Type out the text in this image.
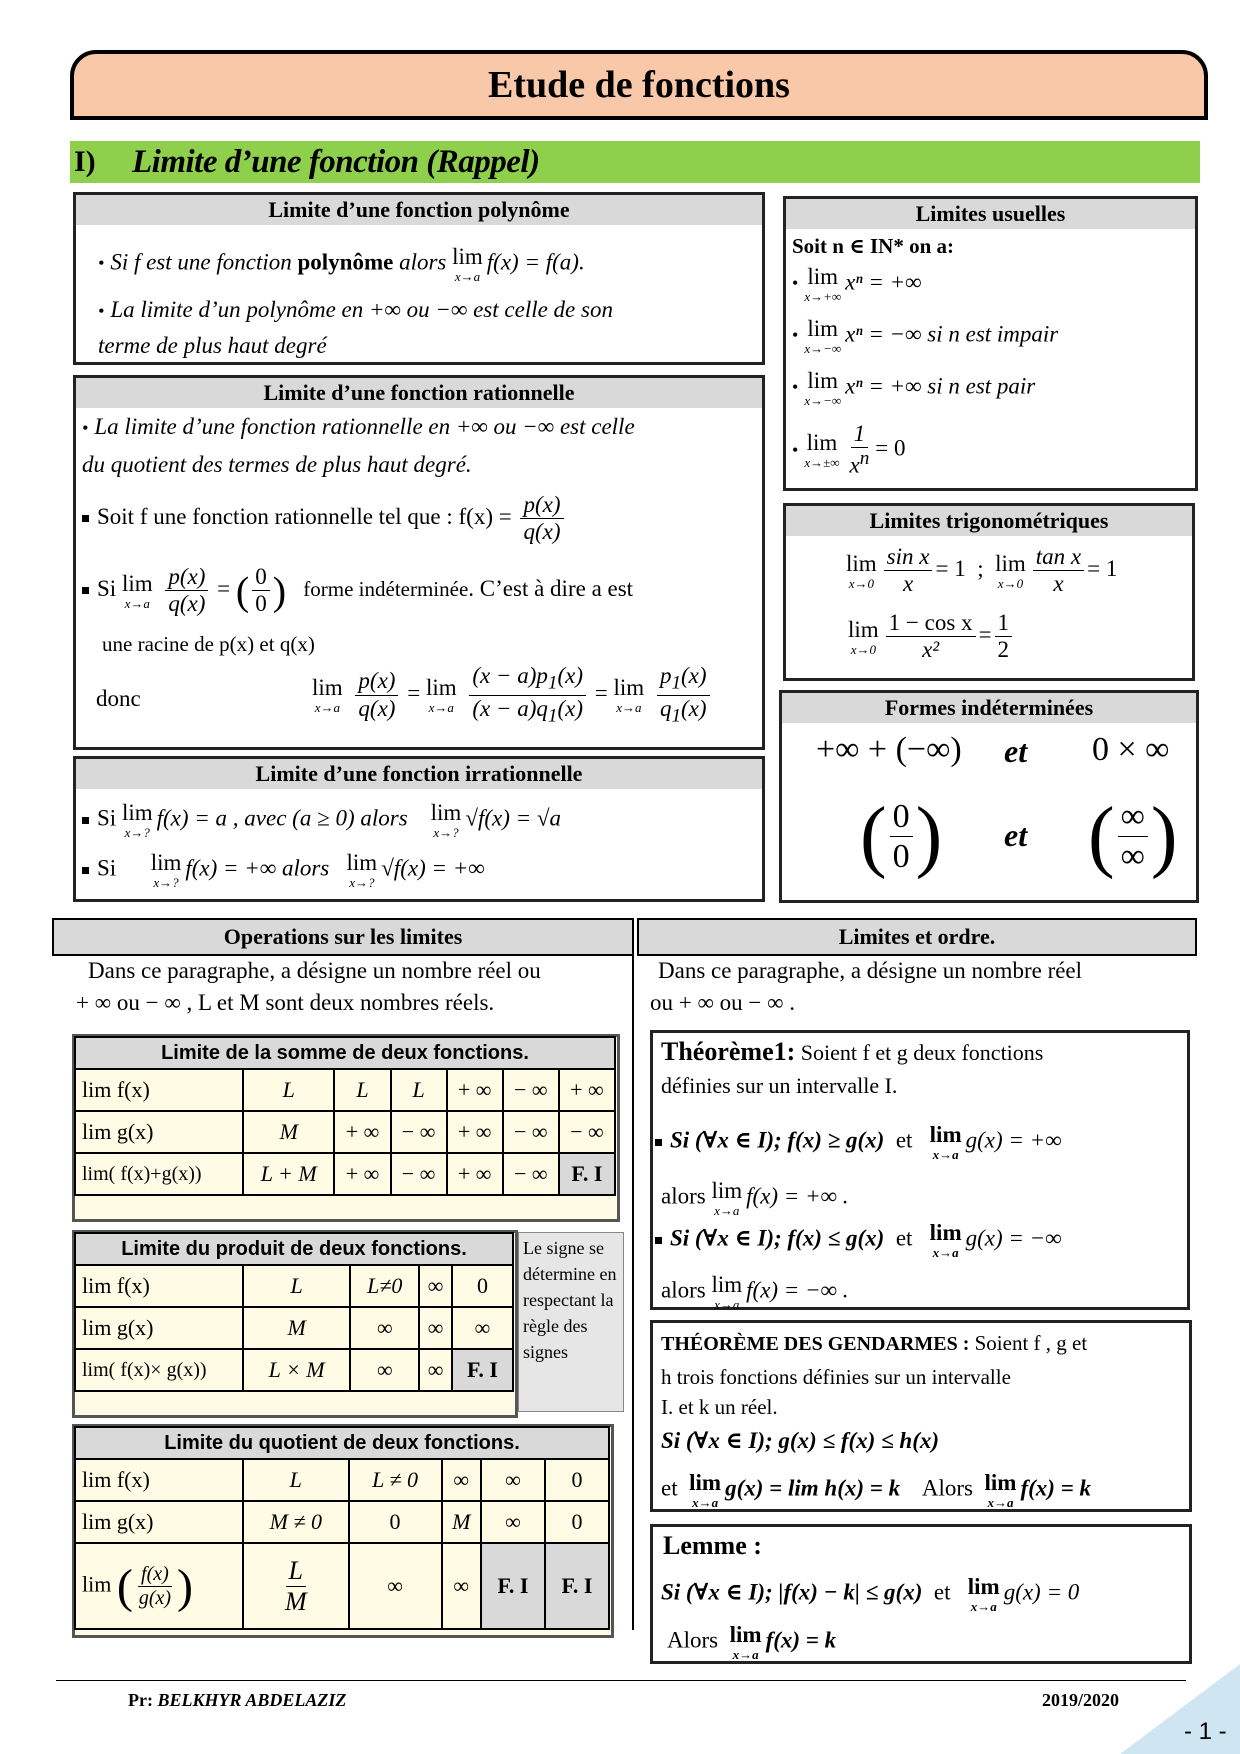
Etude de fonctions
I)	Limite d’une fonction (Rappel)
Limite d’une fonction polynôme
• Si f est une fonction polynôme alors lim
x→a
f(x) = f(a).
• La limite d’un polynôme en +∞ ou −∞ est celle de son
terme de plus haut degré
Limite d’une fonction rationnelle
• La limite d’une fonction rationnelle en +∞ ou −∞ est celle
du quotient des termes de plus haut degré.
Soit f une fonction rationnelle tel que : $f(x) = \frac{p(x)}{q(x)}$
Si lim
x→a
$\frac{p(x)}{q(x)}$ = ( $\frac{0}{0}$ ) forme indéterminée. C’est à dire a est
une racine de p(x) et q(x)
donc	lim
x→a
$\frac{p(x)}{q(x)} = \lim$
x→a
$\frac{(x - a)p_1(x)}{(x - a)q_1(x)} = \lim$
x→a
$\frac{p_1(x)}{q_1(x)}$
Limite d’une fonction irrationnelle
Si lim
x→?
f(x) = a , avec (a ≥ 0) alors lim
x→?
√f(x) = √a
Si lim
x→?
f(x) = +∞ alors lim
x→?
√f(x) = +∞
Limites usuelles
Soit n ∈ IN* on a:
• lim
x→+∞
xⁿ = +∞
• lim
x→−∞
xⁿ = −∞ si n est impair
• lim
x→−∞
xⁿ = +∞ si n est pair
• lim
$x\to\pm\infty \frac{1}{x^n} = 0$
Limites trigonométriques
lim
$x\to 0 \frac{\text{sin x}}{x} = 1$ ; lim
$x\to 0 \frac{\text{tan x}}{x} = 1$
lim
$x\to 0 \frac{\text{1 − cos x}}{\text{x²}} = \frac{1}{2}$
Formes indéterminées
+∞ + (−∞) et 0 × ∞
( $\frac{0}{0}$ ) et ( $\frac{\infty}{\infty}$ )
Operations sur les limites
Dans ce paragraphe, a désigne un nombre réel ou
+ ∞ ou − ∞ , L et M sont deux nombres réels.
Limite de la somme de deux fonctions.
lim f(x)	L	L	L	+ ∞	− ∞	+ ∞
lim g(x)	M	+ ∞	− ∞	+ ∞	− ∞	− ∞
lim( f(x)+g(x))	L + M	+ ∞	− ∞	+ ∞	− ∞	F. I
Limite du produit de deux fonctions.
lim f(x)	L	L≠0	∞	0
lim g(x)	M	∞	∞	∞
lim( f(x)× g(x))	L × M	∞	∞	F. I
Le signe se détermine en respectant la règle des signes
Limite du quotient de deux fonctions.
lim f(x)	L	L ≠ 0	∞	∞	0
lim g(x)	M ≠ 0	0	M	∞	0
lim ( $\frac{f(x)}{g(x)}$ )	$\frac{L}{M}$	∞	∞	F. I	F. I
Limites et ordre.
Dans ce paragraphe, a désigne un nombre réel
ou + ∞ ou − ∞ .
Théorème1: Soient f et g deux fonctions
définies sur un intervalle I.
Si (∀x ∈ I); f(x) ≥ g(x) et lim
x→a
g(x) = +∞
alors lim
x→a
f(x) = +∞ .
Si (∀x ∈ I); f(x) ≤ g(x) et lim
x→a
g(x) = −∞
alors lim
x→a
f(x) = −∞ .
THÉORÈME DES GENDARMES : Soient f , g et
h trois fonctions définies sur un intervalle
I. et k un réel.
Si (∀x ∈ I); g(x) ≤ f(x) ≤ h(x)
et lim
x→a
g(x) = lim h(x) = k Alors lim
x→a
f(x) = k
Lemme :
Si (∀x ∈ I); |f(x) − k| ≤ g(x) et lim
x→a
g(x) = 0
Alors lim
x→a
f(x) = k
Pr: BELKHYR ABDELAZIZ	2019/2020
- 1 -
